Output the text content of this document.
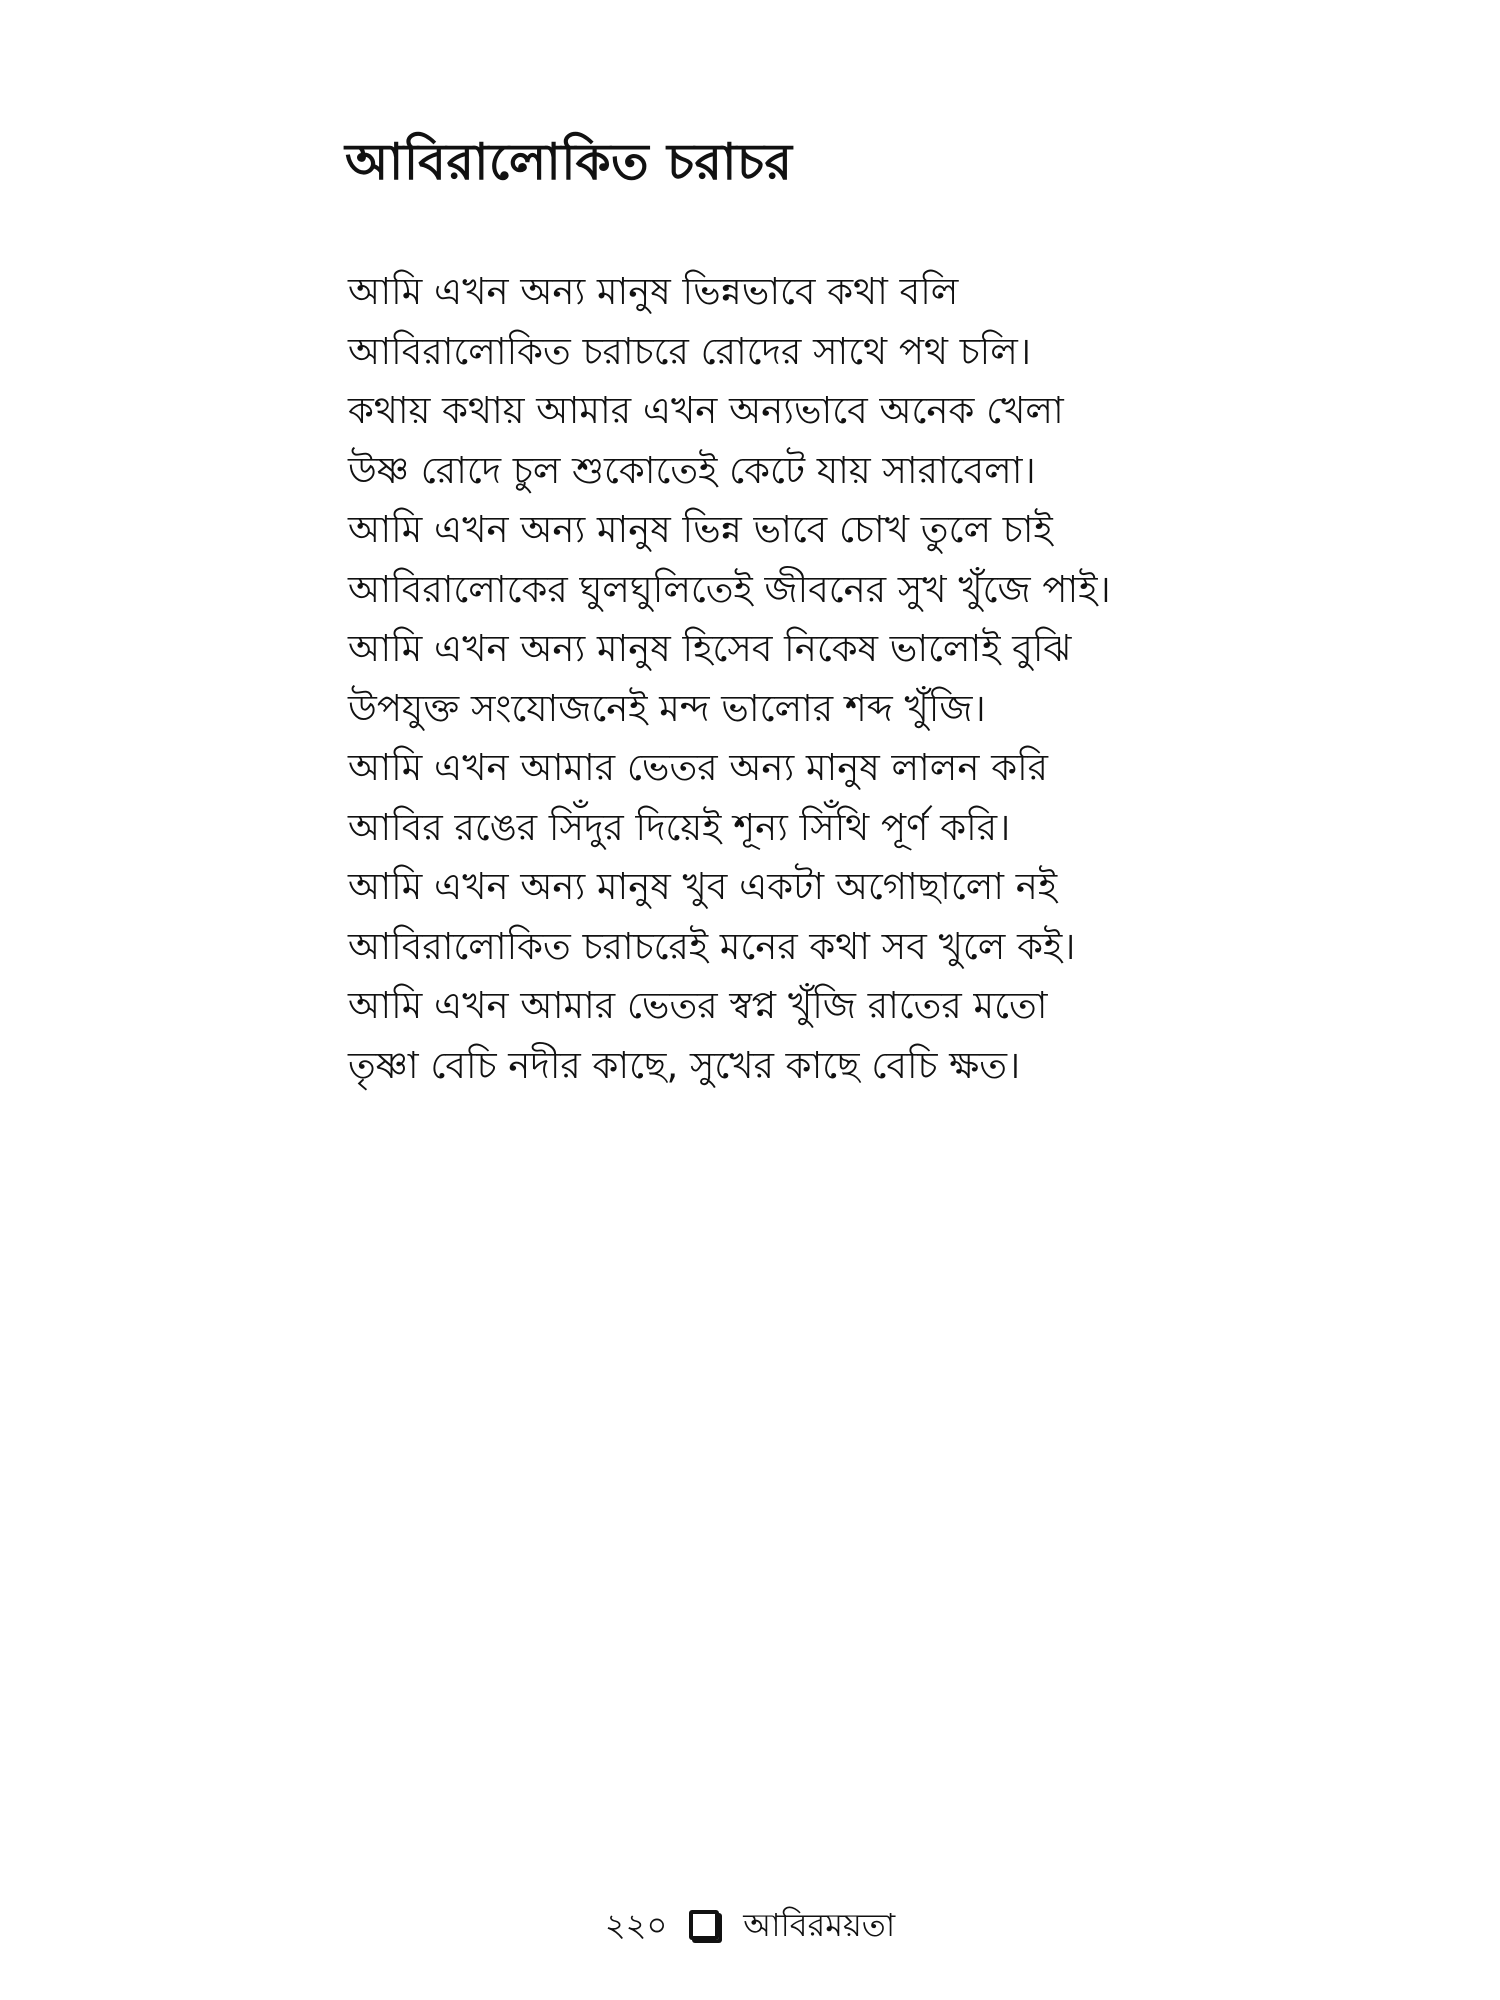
আবিরালোকিত চরাচর
আমি এখন অন্য মানুষ ভিন্নভাবে কথা বলি
আবিরালোকিত চরাচরে রোদের সাথে পথ চলি।
কথায় কথায় আমার এখন অন্যভাবে অনেক খেলা
উষ্ণ রোদে চুল শুকোতেই কেটে যায় সারাবেলা।
আমি এখন অন্য মানুষ ভিন্ন ভাবে চোখ তুলে চাই
আবিরালোকের ঘুলঘুলিতেই জীবনের সুখ খুঁজে পাই।
আমি এখন অন্য মানুষ হিসেব নিকেষ ভালোই বুঝি
উপযুক্ত সংযোজনেই মন্দ ভালোর শব্দ খুঁজি।
আমি এখন আমার ভেতর অন্য মানুষ লালন করি
আবির রঙের সিঁদুর দিয়েই শূন্য সিঁথি পূর্ণ করি।
আমি এখন অন্য মানুষ খুব একটা অগোছালো নই
আবিরালোকিত চরাচরেই মনের কথা সব খুলে কই।
আমি এখন আমার ভেতর স্বপ্ন খুঁজি রাতের মতো
তৃষ্ণা বেচি নদীর কাছে, সুখের কাছে বেচি ক্ষত।
২২০ আবিরময়তা
